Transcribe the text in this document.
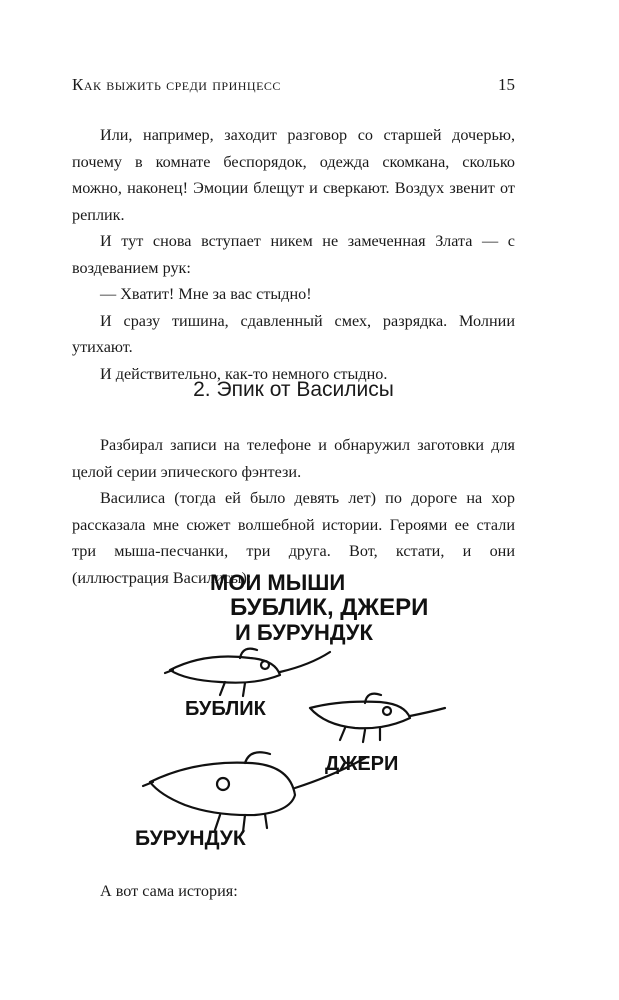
Как выжить среди принцесс	15

Или, например, заходит разговор со старшей дочерью, почему в комнате беспорядок, одежда скомкана, сколько можно, наконец! Эмоции блещут и сверкают. Воздух звенит от реплик.

И тут снова вступает никем не замеченная Злата — с воздеванием рук:

— Хватит! Мне за вас стыдно!

И сразу тишина, сдавленный смех, разрядка. Молнии утихают.

И действительно, как-то немного стыдно.

2. Эпик от Василисы

Разбирал записи на телефоне и обнаружил заготовки для целой серии эпического фэнтези.

Василиса (тогда ей было девять лет) по дороге на хор рассказала мне сюжет волшебной истории. Героями ее стали три мыша-песчанки, три друга. Вот, кстати, и они (иллюстрация Василисы):

МОИ МЫШИ
БУБЛИК, ДЖЕРИ
И БУРУНДУК
БУБЛИК
ДЖЕРИ
БУРУНДУК

А вот сама история:
